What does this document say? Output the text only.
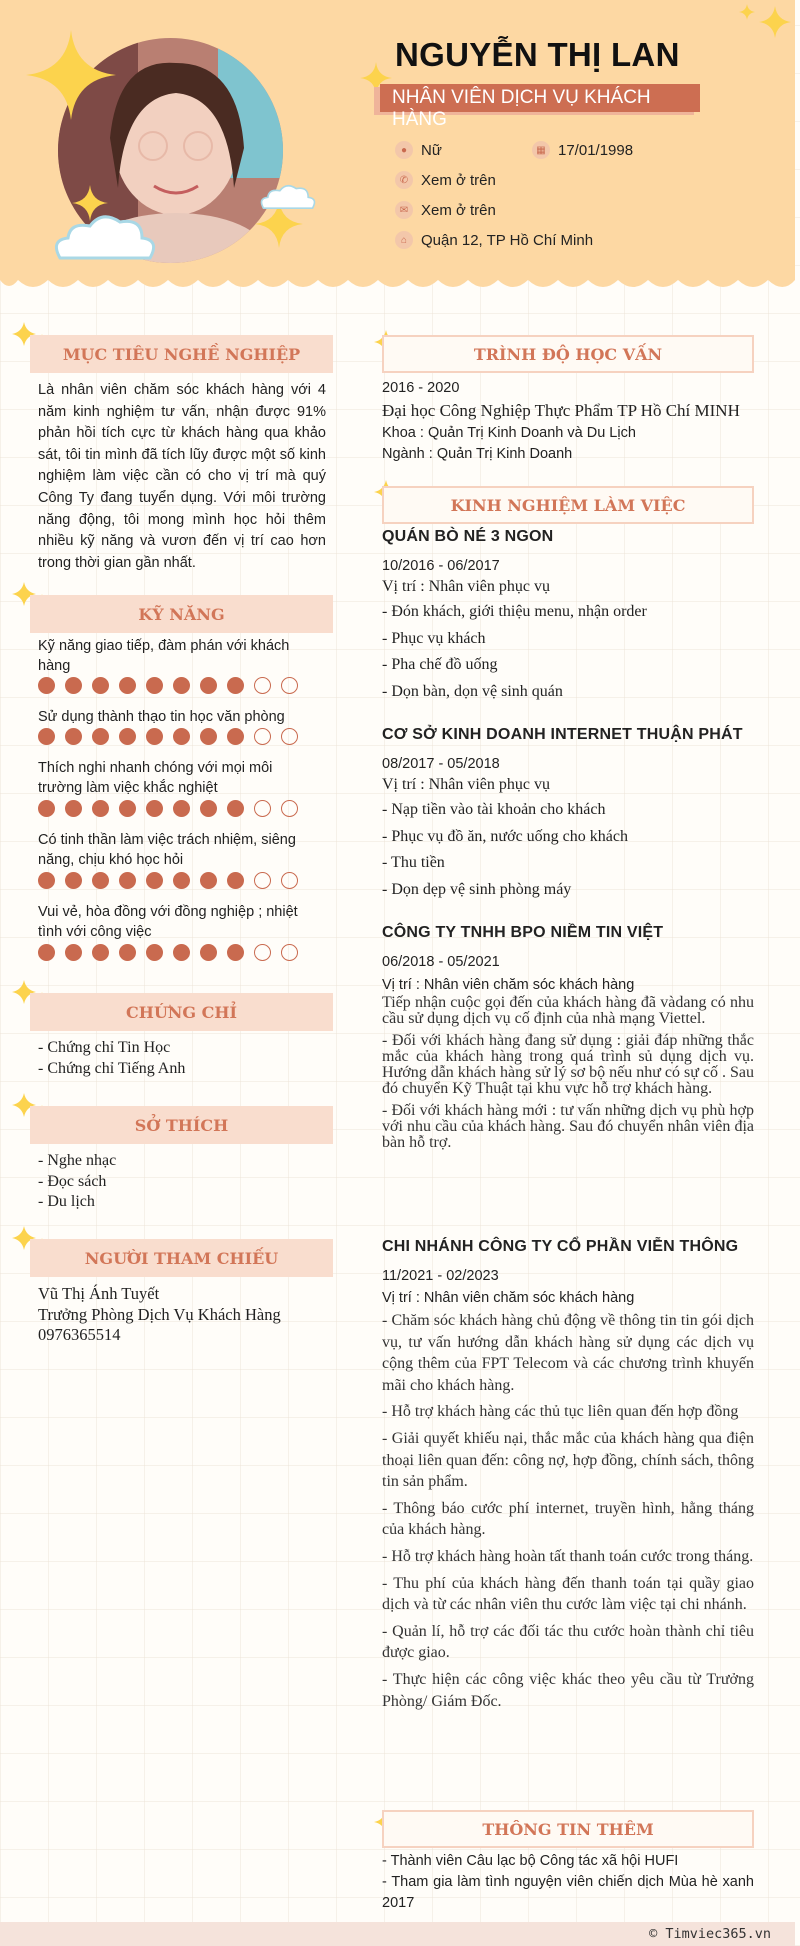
NGUYỄN THỊ LAN
NHÂN VIÊN DỊCH VỤ KHÁCH HÀNG
● Nữ	▦ 17/01/1998
✆ Xem ở trên
✉ Xem ở trên
⌂ Quận 12, TP Hồ Chí Minh
MỤC TIÊU NGHỀ NGHIỆP
Là nhân viên chăm sóc khách hàng với 4 năm kinh nghiệm tư vấn, nhận được 91% phản hồi tích cực từ khách hàng qua khảo sát, tôi tin mình đã tích lũy được một số kinh nghiệm làm việc cần có cho vị trí mà quý Công Ty đang tuyển dụng. Với môi trường năng động, tôi mong mình học hỏi thêm nhiều kỹ năng và vươn đến vị trí cao hơn trong thời gian gần nhất.
KỸ NĂNG
Kỹ năng giao tiếp, đàm phán với khách hàng
Sử dụng thành thạo tin học văn phòng
Thích nghi nhanh chóng với mọi môi trường làm việc khắc nghiệt
Có tinh thần làm việc trách nhiệm, siêng năng, chịu khó học hỏi
Vui vẻ, hòa đồng với đồng nghiệp ; nhiệt tình với công việc
CHỨNG CHỈ
- Chứng chỉ Tin Học
- Chứng chỉ Tiếng Anh
SỞ THÍCH
- Nghe nhạc
- Đọc sách
- Du lịch
NGƯỜI THAM CHIẾU
Vũ Thị Ánh Tuyết
Trưởng Phòng Dịch Vụ Khách Hàng
0976365514
TRÌNH ĐỘ HỌC VẤN
2016 - 2020
Đại học Công Nghiệp Thực Phẩm TP Hồ Chí MINH
Khoa : Quản Trị Kinh Doanh và Du Lịch
Ngành : Quản Trị Kinh Doanh
KINH NGHIỆM LÀM VIỆC
QUÁN BÒ NÉ 3 NGON
10/2016 - 06/2017
Vị trí : Nhân viên phục vụ
- Đón khách, giới thiệu menu, nhận order
- Phục vụ khách
- Pha chế đồ uống
- Dọn bàn, dọn vệ sinh quán
CƠ SỞ KINH DOANH INTERNET THUẬN PHÁT
08/2017 - 05/2018
Vị trí : Nhân viên phục vụ
- Nạp tiền vào tài khoản cho khách
- Phục vụ đồ ăn, nước uống cho khách
- Thu tiền
- Dọn dẹp vệ sinh phòng máy
CÔNG TY TNHH BPO NIỀM TIN VIỆT
06/2018 - 05/2021
Vị trí : Nhân viên chăm sóc khách hàng

Tiếp nhận cuộc gọi đến của khách hàng đã vàdang có nhu cầu sử dụng dịch vụ cố định của nhà mạng Viettel.

- Đối với khách hàng đang sử dụng : giải đáp những thắc mắc của khách hàng trong quá trình sủ dụng dịch vụ. Hướng dẫn khách hàng sử lý sơ bộ nếu như có sự cố . Sau đó chuyển Kỹ Thuật tại khu vực hỗ trợ khách hàng.

- Đối với khách hàng mới : tư vấn những dịch vụ phù hợp với nhu cầu của khách hàng. Sau đó chuyển nhân viên địa bàn hỗ trợ.

CHI NHÁNH CÔNG TY CỔ PHẦN VIỄN THÔNG
11/2021 - 02/2023
Vị trí : Nhân viên chăm sóc khách hàng

- Chăm sóc khách hàng chủ động về thông tin tin gói dịch vụ, tư vấn hướng dẫn khách hàng sử dụng các dịch vụ cộng thêm của FPT Telecom và các chương trình khuyến mãi cho khách hàng.

- Hỗ trợ khách hàng các thủ tục liên quan đến hợp đồng

- Giải quyết khiếu nại, thắc mắc của khách hàng qua điện thoại liên quan đến: công nợ, hợp đồng, chính sách, thông tin sản phẩm.

- Thông báo cước phí internet, truyền hình, hằng tháng của khách hàng.

- Hỗ trợ khách hàng hoàn tất thanh toán cước trong tháng.

- Thu phí của khách hàng đến thanh toán tại quầy giao dịch và từ các nhân viên thu cước làm việc tại chi nhánh.

- Quản lí, hỗ trợ các đối tác thu cước hoàn thành chỉ tiêu được giao.

- Thực hiện các công việc khác theo yêu cầu từ Trưởng Phòng/ Giám Đốc.

THÔNG TIN THÊM
- Thành viên Câu lạc bộ Công tác xã hội HUFI
- Tham gia làm tình nguyện viên chiến dịch Mùa hè xanh 2017
© Timviec365.vn
